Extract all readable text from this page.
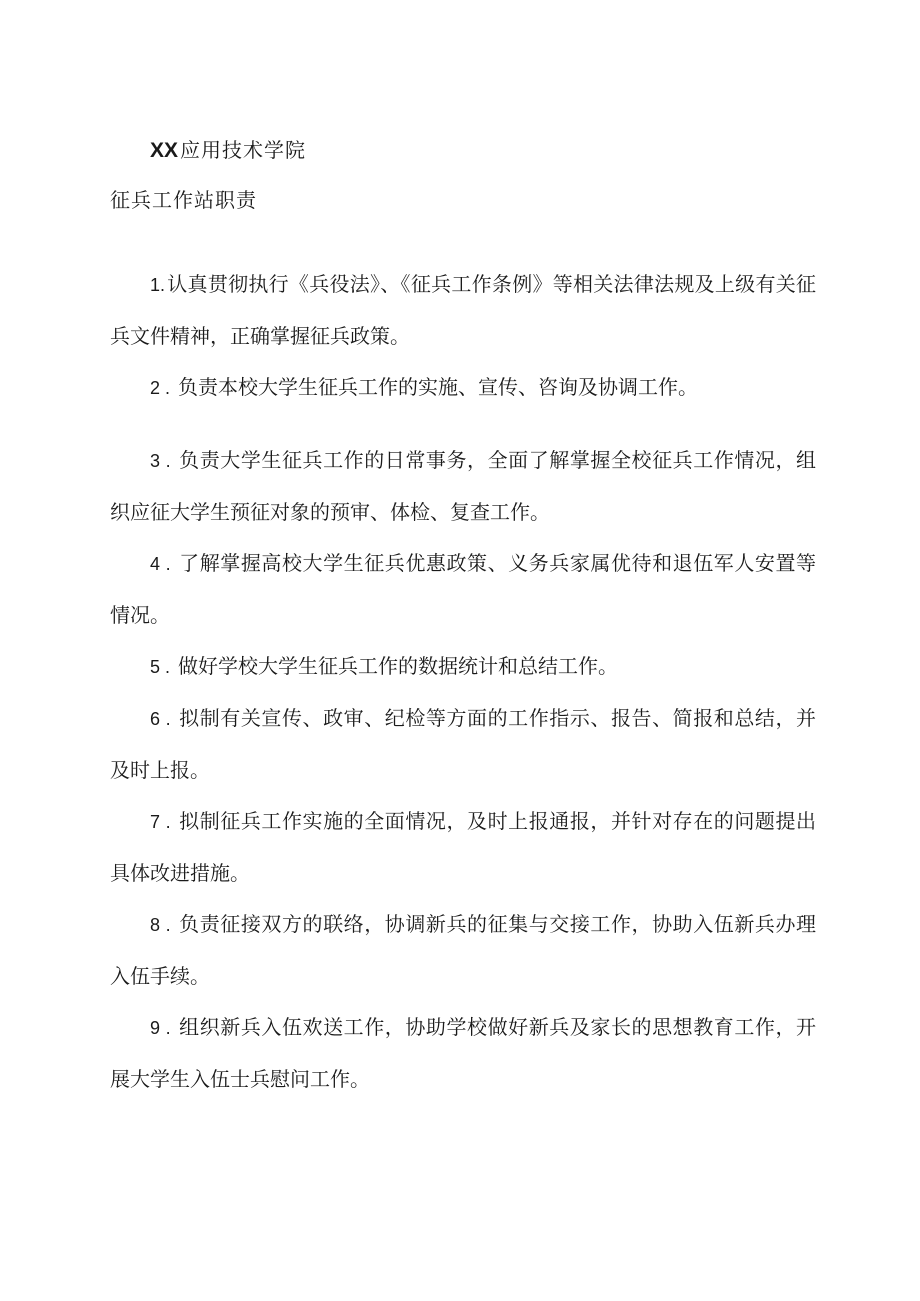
XX 应用技术学院
征兵工作站职责

1. 认真贯彻执行《兵役法》、《征兵工作条例》等相关法律法规及上级有关征兵文件精神，正确掌握征兵政策。

2 . 负责本校大学生征兵工作的实施、宣传、咨询及协调工作。

3 . 负责大学生征兵工作的日常事务，全面了解掌握全校征兵工作情况，组织应征大学生预征对象的预审、体检、复查工作。

4 . 了解掌握高校大学生征兵优惠政策、义务兵家属优待和退伍军人安置等情况。

5 . 做好学校大学生征兵工作的数据统计和总结工作。

6 . 拟制有关宣传、政审、纪检等方面的工作指示、报告、简报和总结，并及时上报。

7 . 拟制征兵工作实施的全面情况，及时上报通报，并针对存在的问题提出具体改进措施。

8 . 负责征接双方的联络，协调新兵的征集与交接工作，协助入伍新兵办理入伍手续。

9 . 组织新兵入伍欢送工作，协助学校做好新兵及家长的思想教育工作，开展大学生入伍士兵慰问工作。
